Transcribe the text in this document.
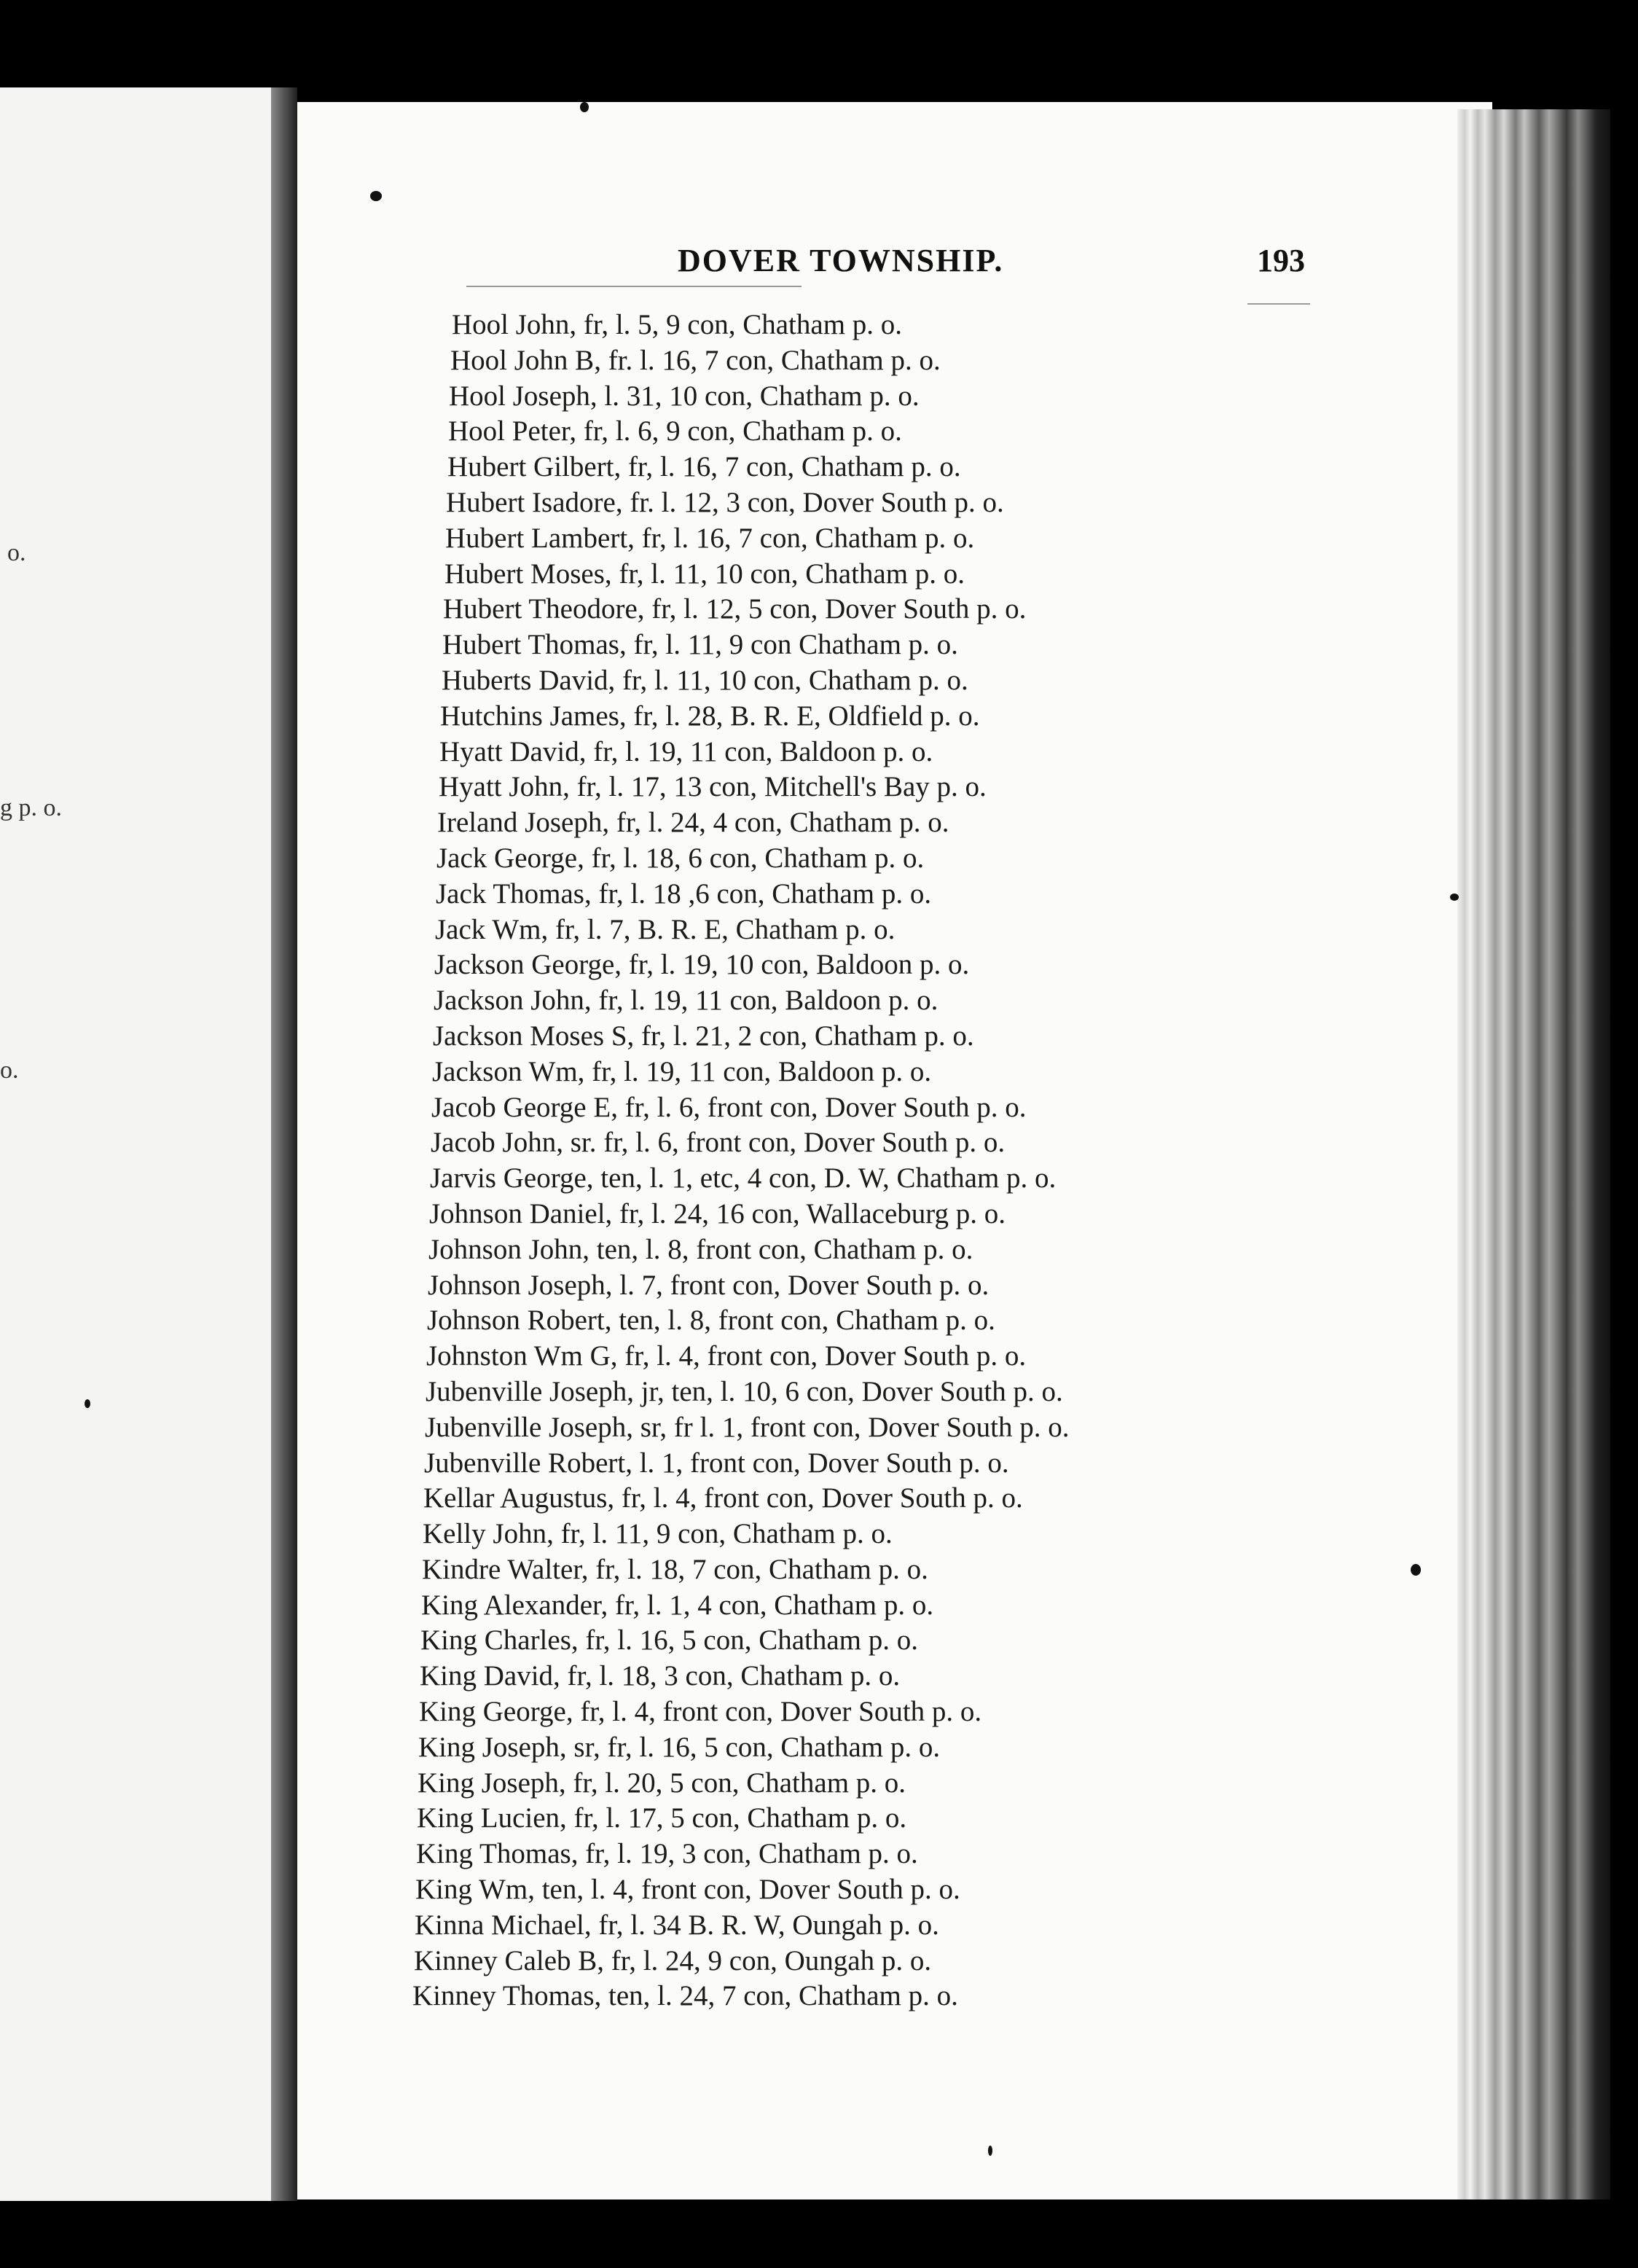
o.
g p. o.
o.
DOVER TOWNSHIP.	193
Hool John, fr, l. 5, 9 con, Chatham p. o.
Hool John B, fr. l. 16, 7 con, Chatham p. o.
Hool Joseph, l. 31, 10 con, Chatham p. o.
Hool Peter, fr, l. 6, 9 con, Chatham p. o.
Hubert Gilbert, fr, l. 16, 7 con, Chatham p. o.
Hubert Isadore, fr. l. 12, 3 con, Dover South p. o.
Hubert Lambert, fr, l. 16, 7 con, Chatham p. o.
Hubert Moses, fr, l. 11, 10 con, Chatham p. o.
Hubert Theodore, fr, l. 12, 5 con, Dover South p. o.
Hubert Thomas, fr, l. 11, 9 con Chatham p. o.
Huberts David, fr, l. 11, 10 con, Chatham p. o.
Hutchins James, fr, l. 28, B. R. E, Oldfield p. o.
Hyatt David, fr, l. 19, 11 con, Baldoon p. o.
Hyatt John, fr, l. 17, 13 con, Mitchell's Bay p. o.
Ireland Joseph, fr, l. 24, 4 con, Chatham p. o.
Jack George, fr, l. 18, 6 con, Chatham p. o.
Jack Thomas, fr, l. 18 ,6 con, Chatham p. o.
Jack Wm, fr, l. 7, B. R. E, Chatham p. o.
Jackson George, fr, l. 19, 10 con, Baldoon p. o.
Jackson John, fr, l. 19, 11 con, Baldoon p. o.
Jackson Moses S, fr, l. 21, 2 con, Chatham p. o.
Jackson Wm, fr, l. 19, 11 con, Baldoon p. o.
Jacob George E, fr, l. 6, front con, Dover South p. o.
Jacob John, sr. fr, l. 6, front con, Dover South p. o.
Jarvis George, ten, l. 1, etc, 4 con, D. W, Chatham p. o.
Johnson Daniel, fr, l. 24, 16 con, Wallaceburg p. o.
Johnson John, ten, l. 8, front con, Chatham p. o.
Johnson Joseph, l. 7, front con, Dover South p. o.
Johnson Robert, ten, l. 8, front con, Chatham p. o.
Johnston Wm G, fr, l. 4, front con, Dover South p. o.
Jubenville Joseph, jr, ten, l. 10, 6 con, Dover South p. o.
Jubenville Joseph, sr, fr l. 1, front con, Dover South p. o.
Jubenville Robert, l. 1, front con, Dover South p. o.
Kellar Augustus, fr, l. 4, front con, Dover South p. o.
Kelly John, fr, l. 11, 9 con, Chatham p. o.
Kindre Walter, fr, l. 18, 7 con, Chatham p. o.
King Alexander, fr, l. 1, 4 con, Chatham p. o.
King Charles, fr, l. 16, 5 con, Chatham p. o.
King David, fr, l. 18, 3 con, Chatham p. o.
King George, fr, l. 4, front con, Dover South p. o.
King Joseph, sr, fr, l. 16, 5 con, Chatham p. o.
King Joseph, fr, l. 20, 5 con, Chatham p. o.
King Lucien, fr, l. 17, 5 con, Chatham p. o.
King Thomas, fr, l. 19, 3 con, Chatham p. o.
King Wm, ten, l. 4, front con, Dover South p. o.
Kinna Michael, fr, l. 34 B. R. W, Oungah p. o.
Kinney Caleb B, fr, l. 24, 9 con, Oungah p. o.
Kinney Thomas, ten, l. 24, 7 con, Chatham p. o.
